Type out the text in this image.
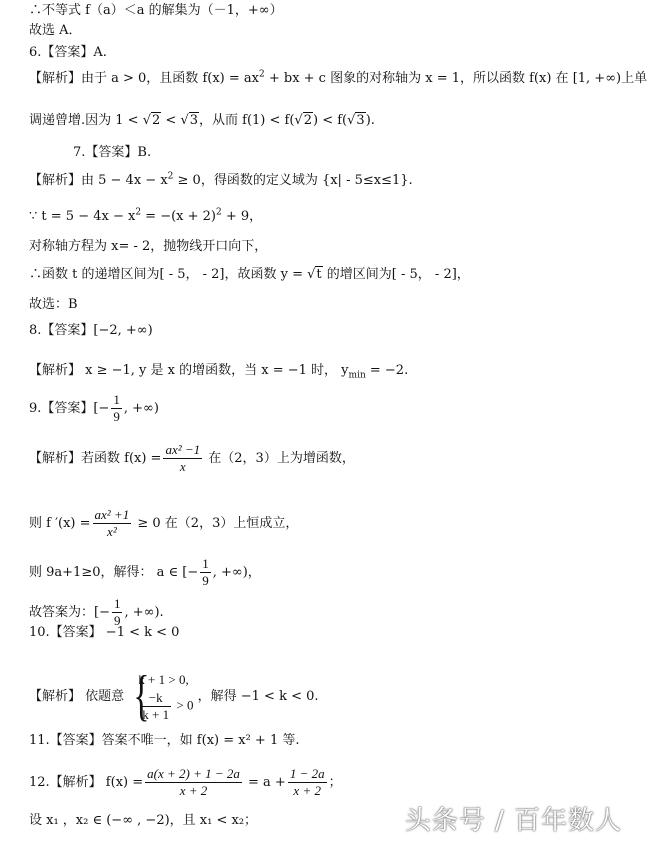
∴不等式 f（a）＜a 的解集为（－1，+∞）
故选 A．
6.【答案】A.
【解析】由于 a > 0，且函数 $f(x) = ax^2$ + bx + c 图象的对称轴为 x = 1，所以函数 f(x) 在 [1, +∞)上单
调递曾增.因为 1 < √2 < √3，从而 f(1) < f(√2) < f(√3).
7.【答案】B.
【解析】由 $5 - 4x - x^2 \ge 0$，得函数的定义域为 {x| - 5≤x≤1}.
∵ $t = 5 - 4x - x^2 = -(x + 2)^2 + 9$，
对称轴方程为 x= - 2，抛物线开口向下，
∴函数 t 的递增区间为[ - 5， - 2]，故函数 y = √t 的增区间为[ - 5， - 2]，
故选：B
8.【答案】[−2, +∞)
【解析】 x ≥ −1, y 是 x 的增函数，当 x = −1 时， $y_{min} = -2$.
9.【答案】[− $\frac{1}{9}$ , +∞)
【解析】若函数 $f(x) = \frac{\text{ax² −1}}{x}$ 在（2，3）上为增函数，
则 f $'(x) = \frac{\text{ax² +1}}{\text{x²}} \ge 0$ 在（2，3）上恒成立，
则 9a+1≥0，解得： a ∈ [− $\frac{1}{9}$ , +∞)，
故答案为：[− $\frac{1}{9}$ , +∞).
10.【答案】 −1 < k < 0
【解析】 依题意 {
k + 1 > 0,
$\frac{-k}{k + 1} > 0$
，解得 −1 < k < 0.
11.【答案】答案不唯一，如 f(x) = x² + 1 等.
12.【解析】 $f(x) = \frac{a(x + 2) + 1 - 2a}{x + 2} = a + \frac{1 - 2a}{x + 2}$ ；
设 x₁ ，x₂ ∈ (−∞ , −2)，且 x₁ < x₂；	头条号 / 百年数人
